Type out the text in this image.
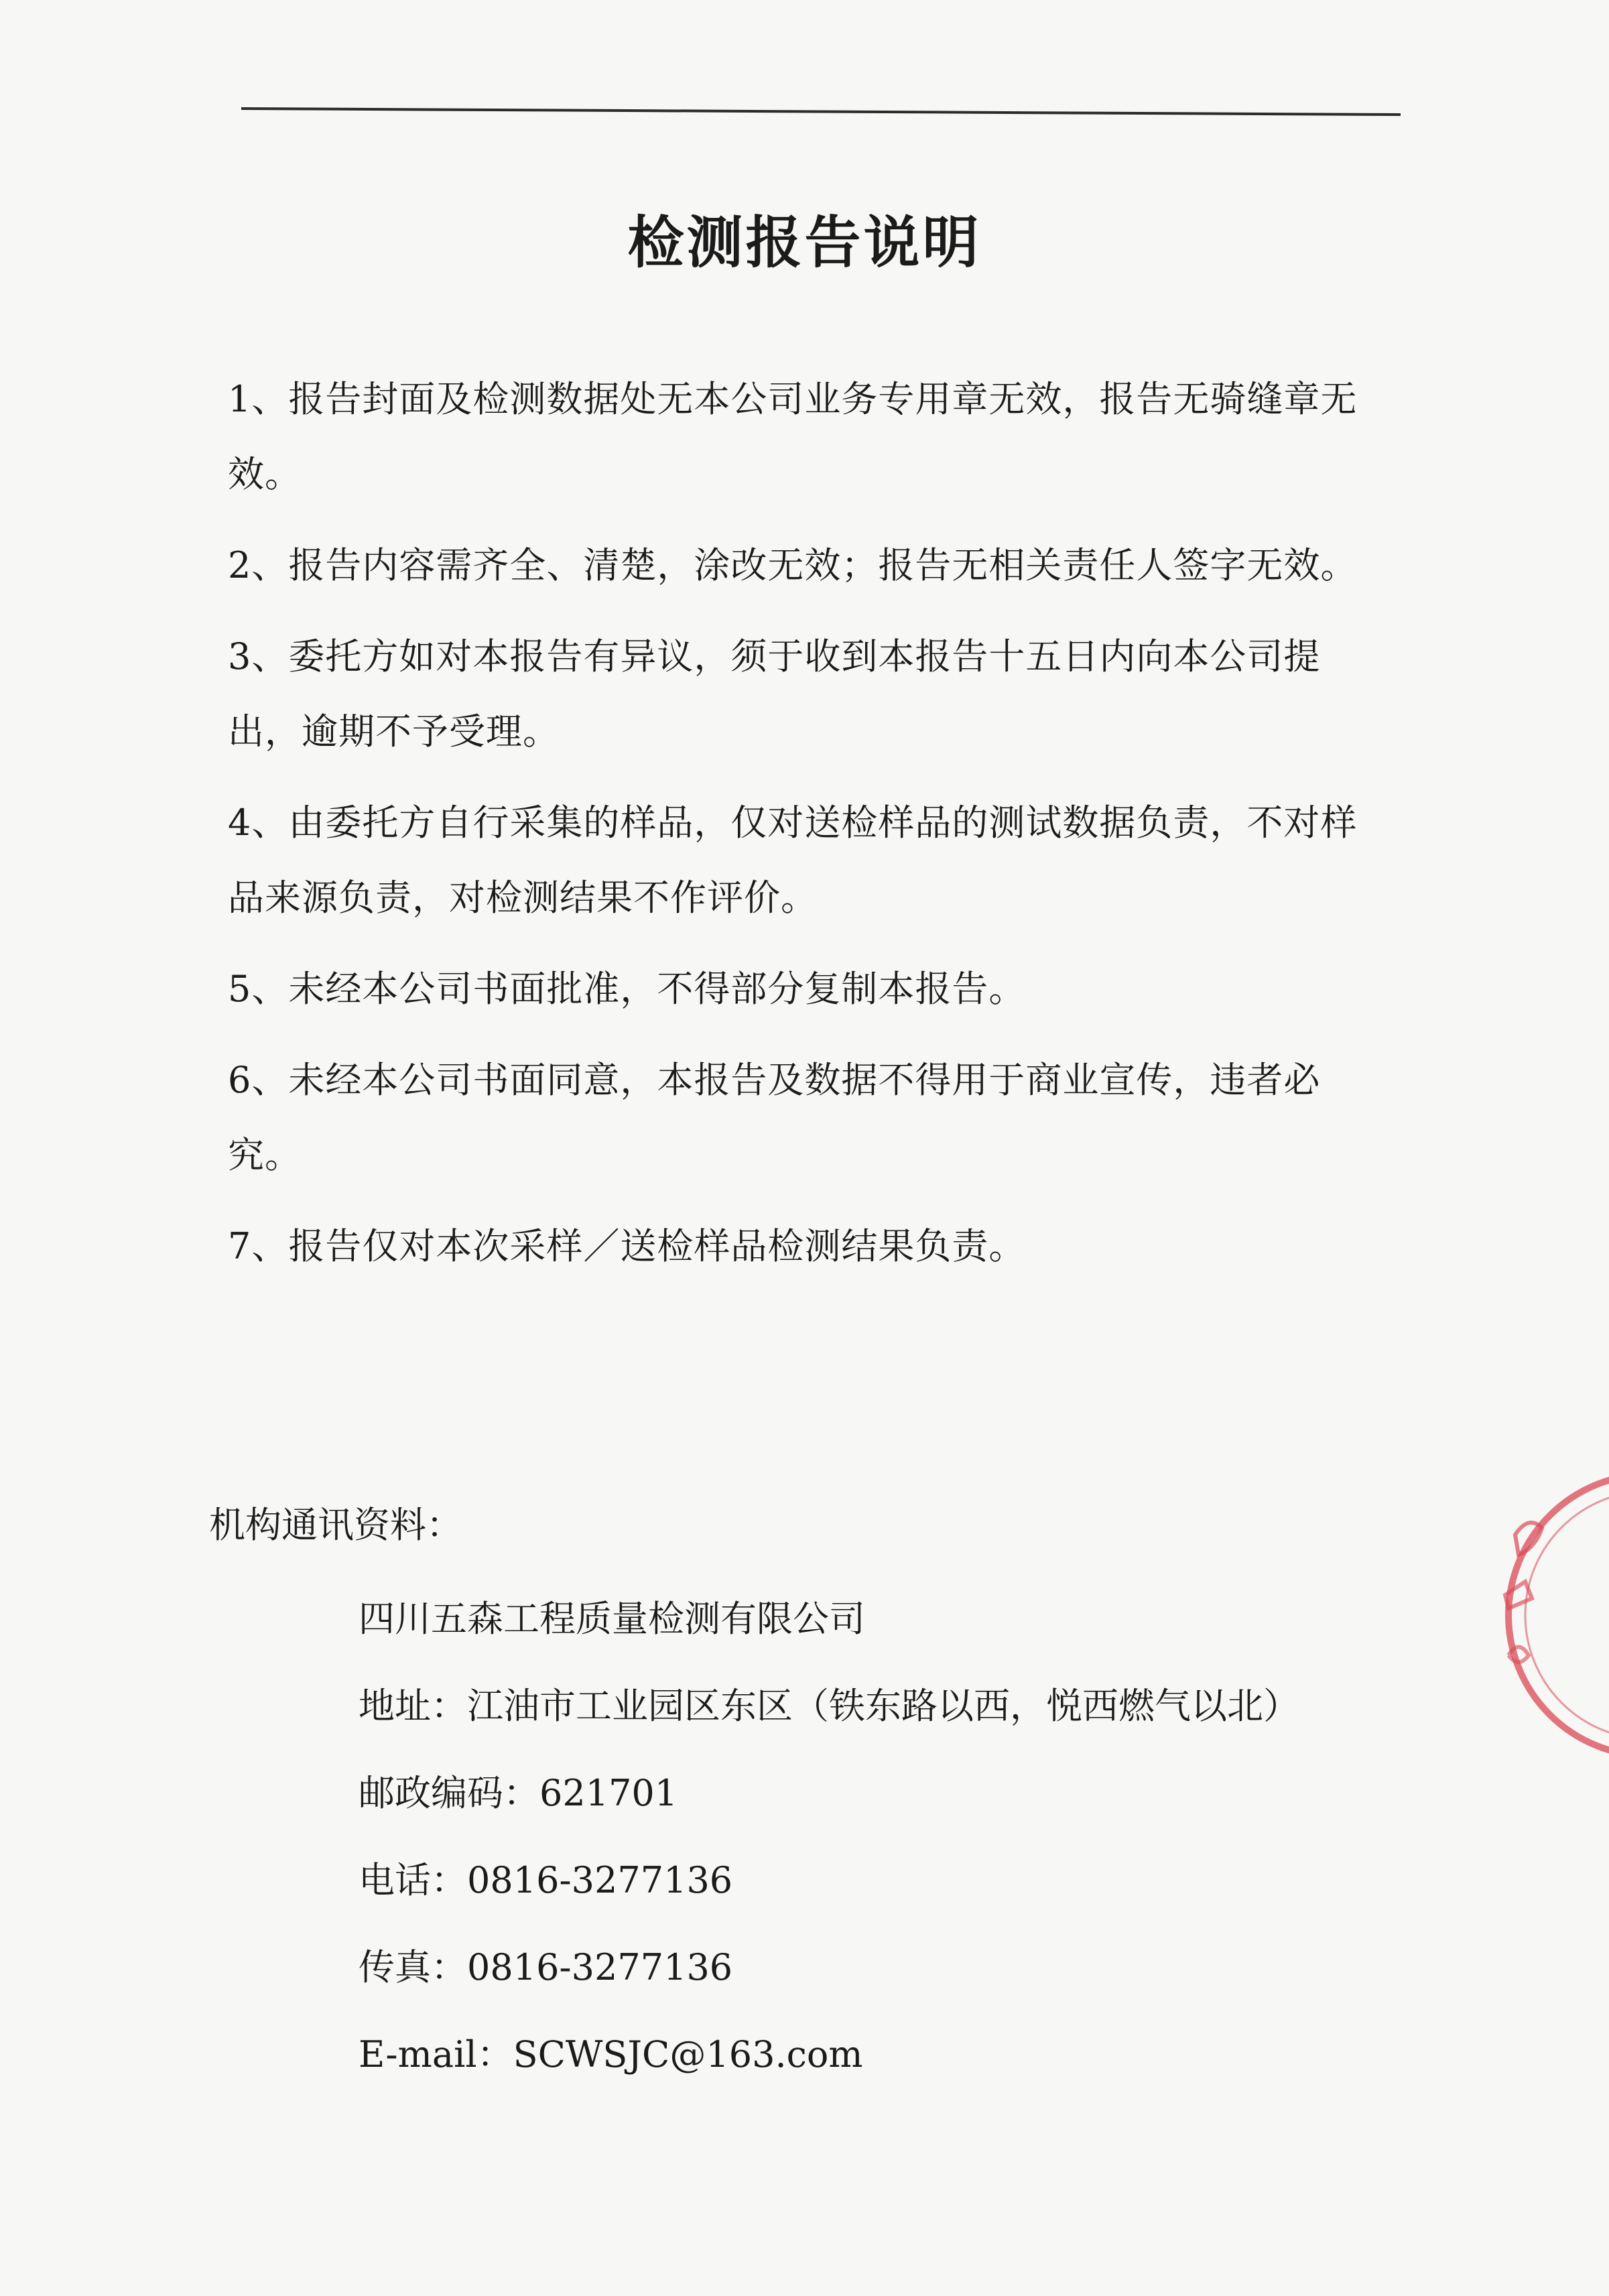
检测报告说明

1、报告封面及检测数据处无本公司业务专用章无效，报告无骑缝章无效。

2、报告内容需齐全、清楚，涂改无效；报告无相关责任人签字无效。

3、委托方如对本报告有异议，须于收到本报告十五日内向本公司提出，逾期不予受理。

4、由委托方自行采集的样品，仅对送检样品的测试数据负责，不对样品来源负责，对检测结果不作评价。

5、未经本公司书面批准，不得部分复制本报告。

6、未经本公司书面同意，本报告及数据不得用于商业宣传，违者必究。

7、报告仅对本次采样／送检样品检测结果负责。

机构通讯资料：
四川五森工程质量检测有限公司
地址：江油市工业园区东区（铁东路以西，悦西燃气以北）
邮政编码：621701
电话：0816-3277136
传真：0816-3277136
E-mail：SCWSJC@163.com
